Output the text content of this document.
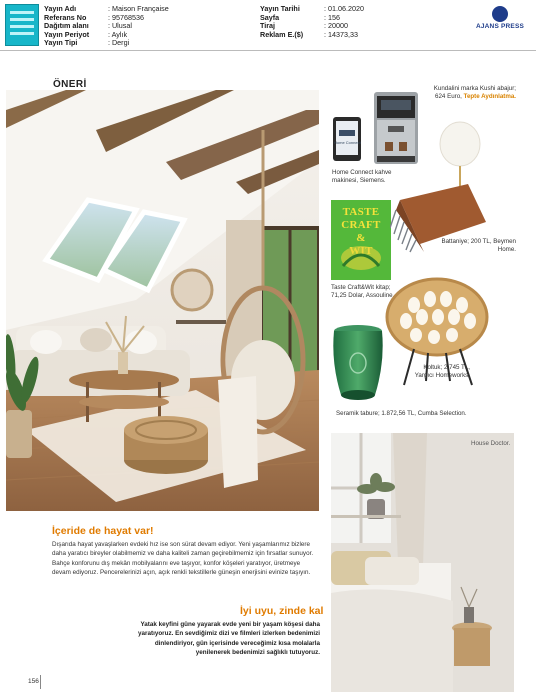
Yayın Adı	: Maison Française
Referans No	: 95768536
Dağıtım alanı	: Ulusal
Yayın Periyot	: Aylık
Yayın Tipi	: Dergi
Yayın Tarihi	: 01.06.2020
Sayfa	: 156
Tiraj	: 20000
Reklam E.($)	: 14373,33
AJANS PRESS
ÖNERİ
Home Connect
Home Connect kahve makinesi, Siemens.
Kundalini marka Kushi abajur; 624 Euro, Tepte Aydınlatma.
TASTE
CRAFT
&
Taste Craft&Wit kitap; 71,25 Dolar, Assouline.
Battaniye; 200 TL, Beymen Home.
Koltuk; 2.745 TL, Yargıcı Homeworks.
Seramik tabure; 1.872,56 TL, Cumba Selection.
İçeride de hayat var!
Dışarıda hayat yavaşlarken evdeki hız ise son sürat devam ediyor. Yeni yaşamlarımız bizlere daha yaratıcı bireyler olabilmemiz ve daha kaliteli zaman geçirebilmemiz için fırsatlar sunuyor. Bahçe konforunu dış mekân mobilyalarını eve taşıyor, konfor köşeleri yaratıyor, üretmeye devam ediyoruz. Pencerelerinizi açın, açık renkli tekstillerle güneşin enerjisini evinize taşıyın.
İyi uyu, zinde kal
Yatak keyfini güne yayarak evde yeni bir yaşam köşesi daha yaratıyoruz. En sevdiğimiz dizi ve filmleri izlerken bedenimizi dinlendiriyor, gün içerisinde vereceğimiz kısa molalarla yenilenerek bedenimizi sağlıklı tutuyoruz.
156
House Doctor.
